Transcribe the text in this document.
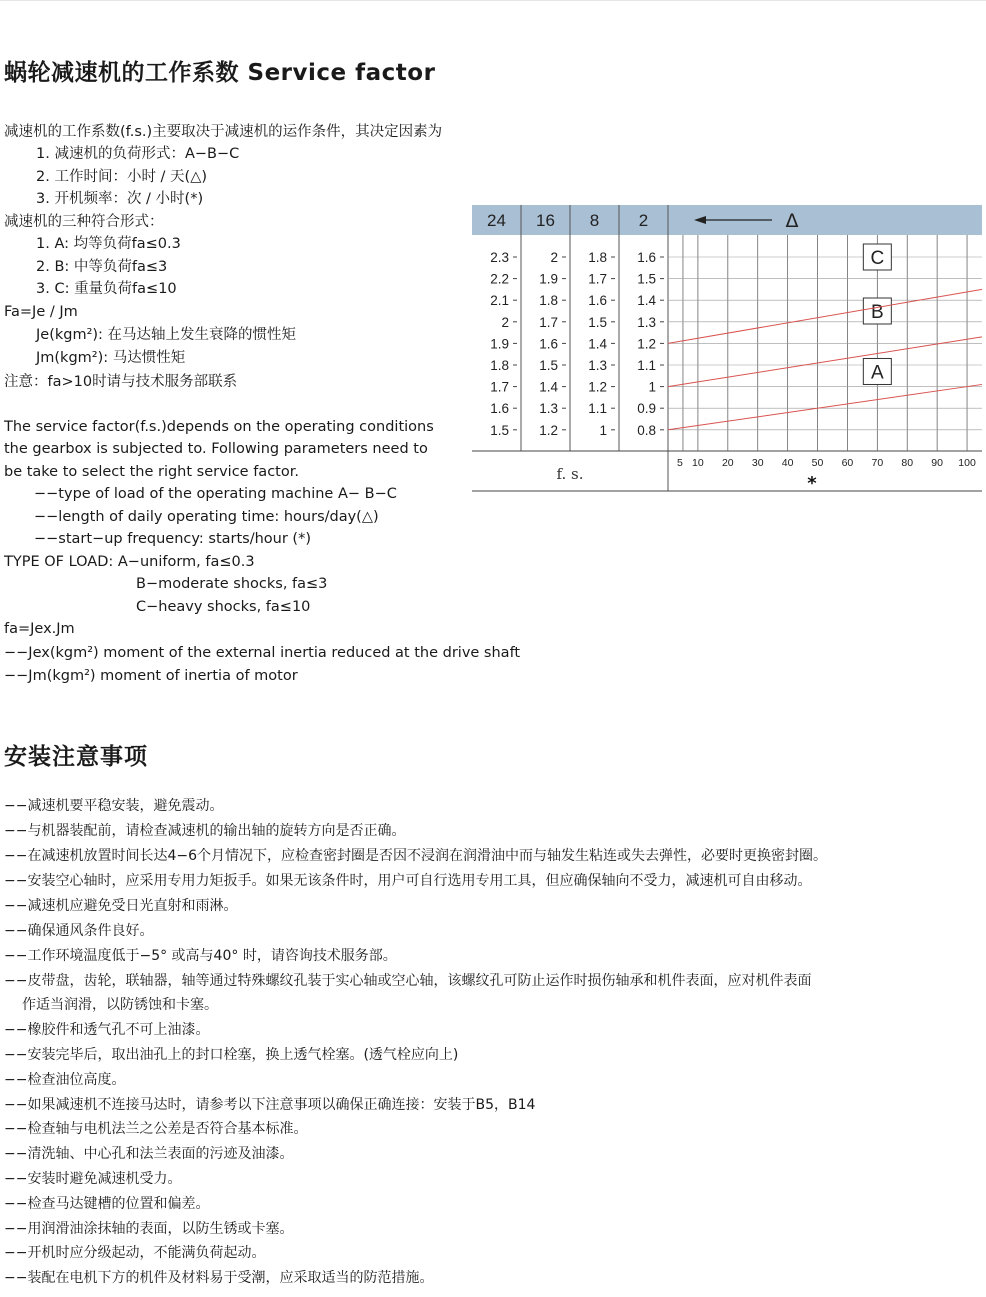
蜗轮减速机的工作系数 Service factor
减速机的工作系数(f.s.)主要取决于减速机的运作条件，其决定因素为
1. 减速机的负荷形式：A−B−C
2. 工作时间：小时 / 天(△)
3. 开机频率：次 / 小时(*)
减速机的三种符合形式：
1. A: 均等负荷fa≤0.3
2. B: 中等负荷fa≤3
3. C: 重量负荷fa≤10
Fa=Je / Jm
Je(kgm²): 在马达轴上发生衰降的惯性矩
Jm(kgm²): 马达惯性矩
注意：fa>10时请与技术服务部联系
The service factor(f.s.)depends on the operating conditions
the gearbox is subjected to. Following parameters need to
be take to select the right service factor.
−−type of load of the operating machine A− B−C
−−length of daily operating time: hours/day(△)
−−start−up frequency: starts/hour (*)
TYPE OF LOAD: A−uniform, fa≤0.3
B−moderate shocks, fa≤3
C−heavy shocks, fa≤10
fa=Jex.Jm
−−Jex(kgm²) moment of the external inertia reduced at the drive shaft
−−Jm(kgm²) moment of inertia of motor
24 16 8 2	Δ
2.3
2.2
2.1
2
1.9
1.8
1.7
1.6
1.5
2
1.9
1.8
1.7
1.6
1.5
1.4
1.3
1.2
1.8
1.7
1.6
1.5
1.4
1.3
1.2
1.1
1
1.6
1.5
1.4
1.3
1.2
1.1
1
0.9
0.8
5 10 20 30 40 50 60 70 80 90 100
f. s.	*
A
B
C
安装注意事项
−−减速机要平稳安装，避免震动。
−−与机器装配前，请检查减速机的输出轴的旋转方向是否正确。
−−在减速机放置时间长达4−6个月情况下，应检查密封圈是否因不浸润在润滑油中而与轴发生粘连或失去弹性，必要时更换密封圈。
−−安装空心轴时，应采用专用力矩扳手。如果无该条件时，用户可自行选用专用工具，但应确保轴向不受力，减速机可自由移动。
−−减速机应避免受日光直射和雨淋。
−−确保通风条件良好。
−−工作环境温度低于−5° 或高与40° 时，请咨询技术服务部。
−−皮带盘，齿轮，联轴器，轴等通过特殊螺纹孔装于实心轴或空心轴，该螺纹孔可防止运作时损伤轴承和机件表面，应对机件表面
作适当润滑，以防锈蚀和卡塞。
−−橡胶件和透气孔不可上油漆。
−−安装完毕后，取出油孔上的封口栓塞，换上透气栓塞。(透气栓应向上)
−−检查油位高度。
−−如果减速机不连接马达时，请参考以下注意事项以确保正确连接：安装于B5，B14
−−检查轴与电机法兰之公差是否符合基本标准。
−−清洗轴、中心孔和法兰表面的污迹及油漆。
−−安装时避免减速机受力。
−−检查马达键槽的位置和偏差。
−−用润滑油涂抹轴的表面，以防生锈或卡塞。
−−开机时应分级起动，不能满负荷起动。
−−装配在电机下方的机件及材料易于受潮，应采取适当的防范措施。
